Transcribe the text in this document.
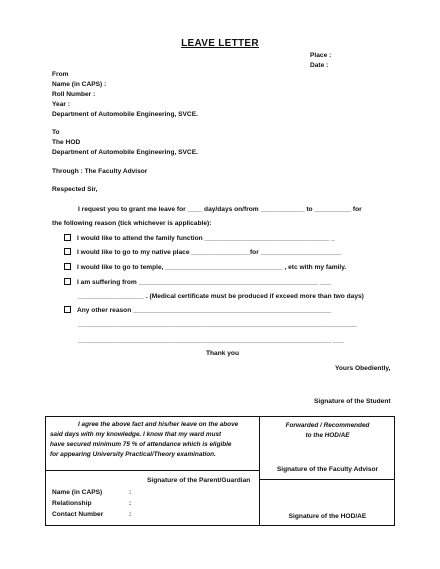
LEAVE LETTER
Place :
Date :
From
Name (in CAPS) :
Roll Number :
Year :
Department of Automobile Engineering, SVCE.
To
The HOD
Department of Automobile Engineering, SVCE.
Through : The Faculty Advisor
Respected Sir,
I request you to grant me leave for ____ day/days on/from ____________ to __________ for
the following reason (tick whichever is applicable):
I would like to attend the family function __________________________________ _
I would like to go to my native place ________________for ______________________
I would like to go to temple, ________________________________ , etc with my family.
I am suffering from _________________________________________________ ___
__________________ . (Medical certificate must be produced if exceed more than two days)
Any other reason ______________________________________________________
____________________________________________________________________________
_____________________________________________________________________ ___
Thank you
Yours Obediently,
Signature of the Student
I agree the above fact and his/her leave on the above
said days with my knowledge. I know that my ward must
have secured minimum 75 % of attendance which is eligible
for appearing University Practical/Theory examination.
Forwarded / Recommended
to the HOD/AE
Signature of the Faculty Advisor
Signature of the Parent/Guardian
Name (in CAPS)	:
Relationship	:
Contact Number	:	Signature of the HOD/AE
